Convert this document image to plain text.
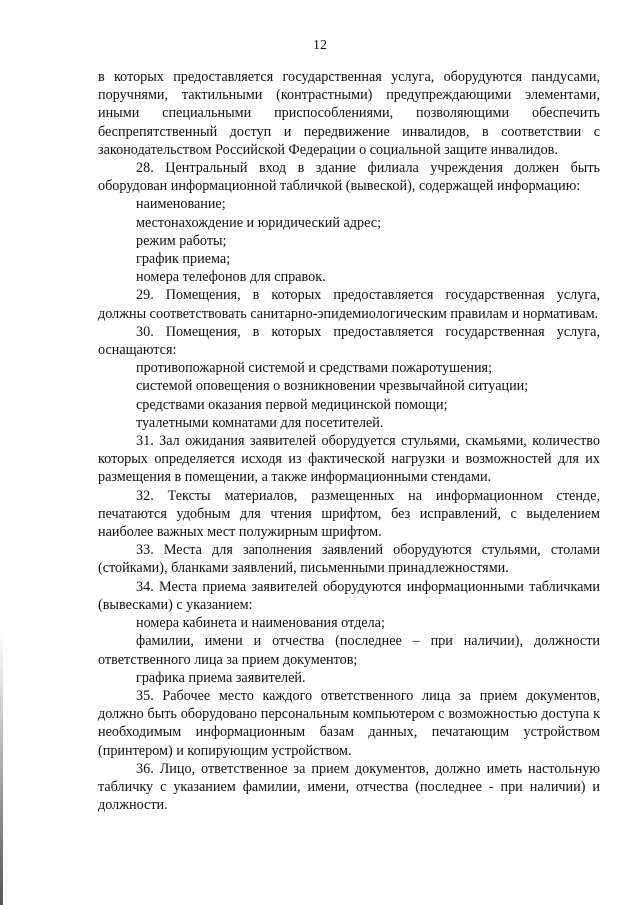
12

в которых предоставляется государственная услуга, оборудуются пандусами, поручнями, тактильными (контрастными) предупреждающими элементами, иными специальными приспособлениями, позволяющими обеспечить беспрепятственный доступ и передвижение инвалидов, в соответствии с законодательством Российской Федерации о социальной защите инвалидов.

28. Центральный вход в здание филиала учреждения должен быть оборудован информационной табличкой (вывеской), содержащей информацию:

наименование;

местонахождение и юридический адрес;

режим работы;

график приема;

номера телефонов для справок.

29. Помещения, в которых предоставляется государственная услуга, должны соответствовать санитарно-эпидемиологическим правилам и нормативам.

30. Помещения, в которых предоставляется государственная услуга, оснащаются:

противопожарной системой и средствами пожаротушения;

системой оповещения о возникновении чрезвычайной ситуации;

средствами оказания первой медицинской помощи;

туалетными комнатами для посетителей.

31. Зал ожидания заявителей оборудуется стульями, скамьями, количество которых определяется исходя из фактической нагрузки и возможностей для их размещения в помещении, а также информационными стендами.

32. Тексты материалов, размещенных на информационном стенде, печатаются удобным для чтения шрифтом, без исправлений, с выделением наиболее важных мест полужирным шрифтом.

33. Места для заполнения заявлений оборудуются стульями, столами (стойками), бланками заявлений, письменными принадлежностями.

34. Места приема заявителей оборудуются информационными табличками (вывесками) с указанием:

номера кабинета и наименования отдела;

фамилии, имени и отчества (последнее – при наличии), должности ответственного лица за прием документов;

графика приема заявителей.

35. Рабочее место каждого ответственного лица за прием документов, должно быть оборудовано персональным компьютером с возможностью доступа к необходимым информационным базам данных, печатающим устройством (принтером) и копирующим устройством.

36. Лицо, ответственное за прием документов, должно иметь настольную табличку с указанием фамилии, имени, отчества (последнее - при наличии) и должности.
